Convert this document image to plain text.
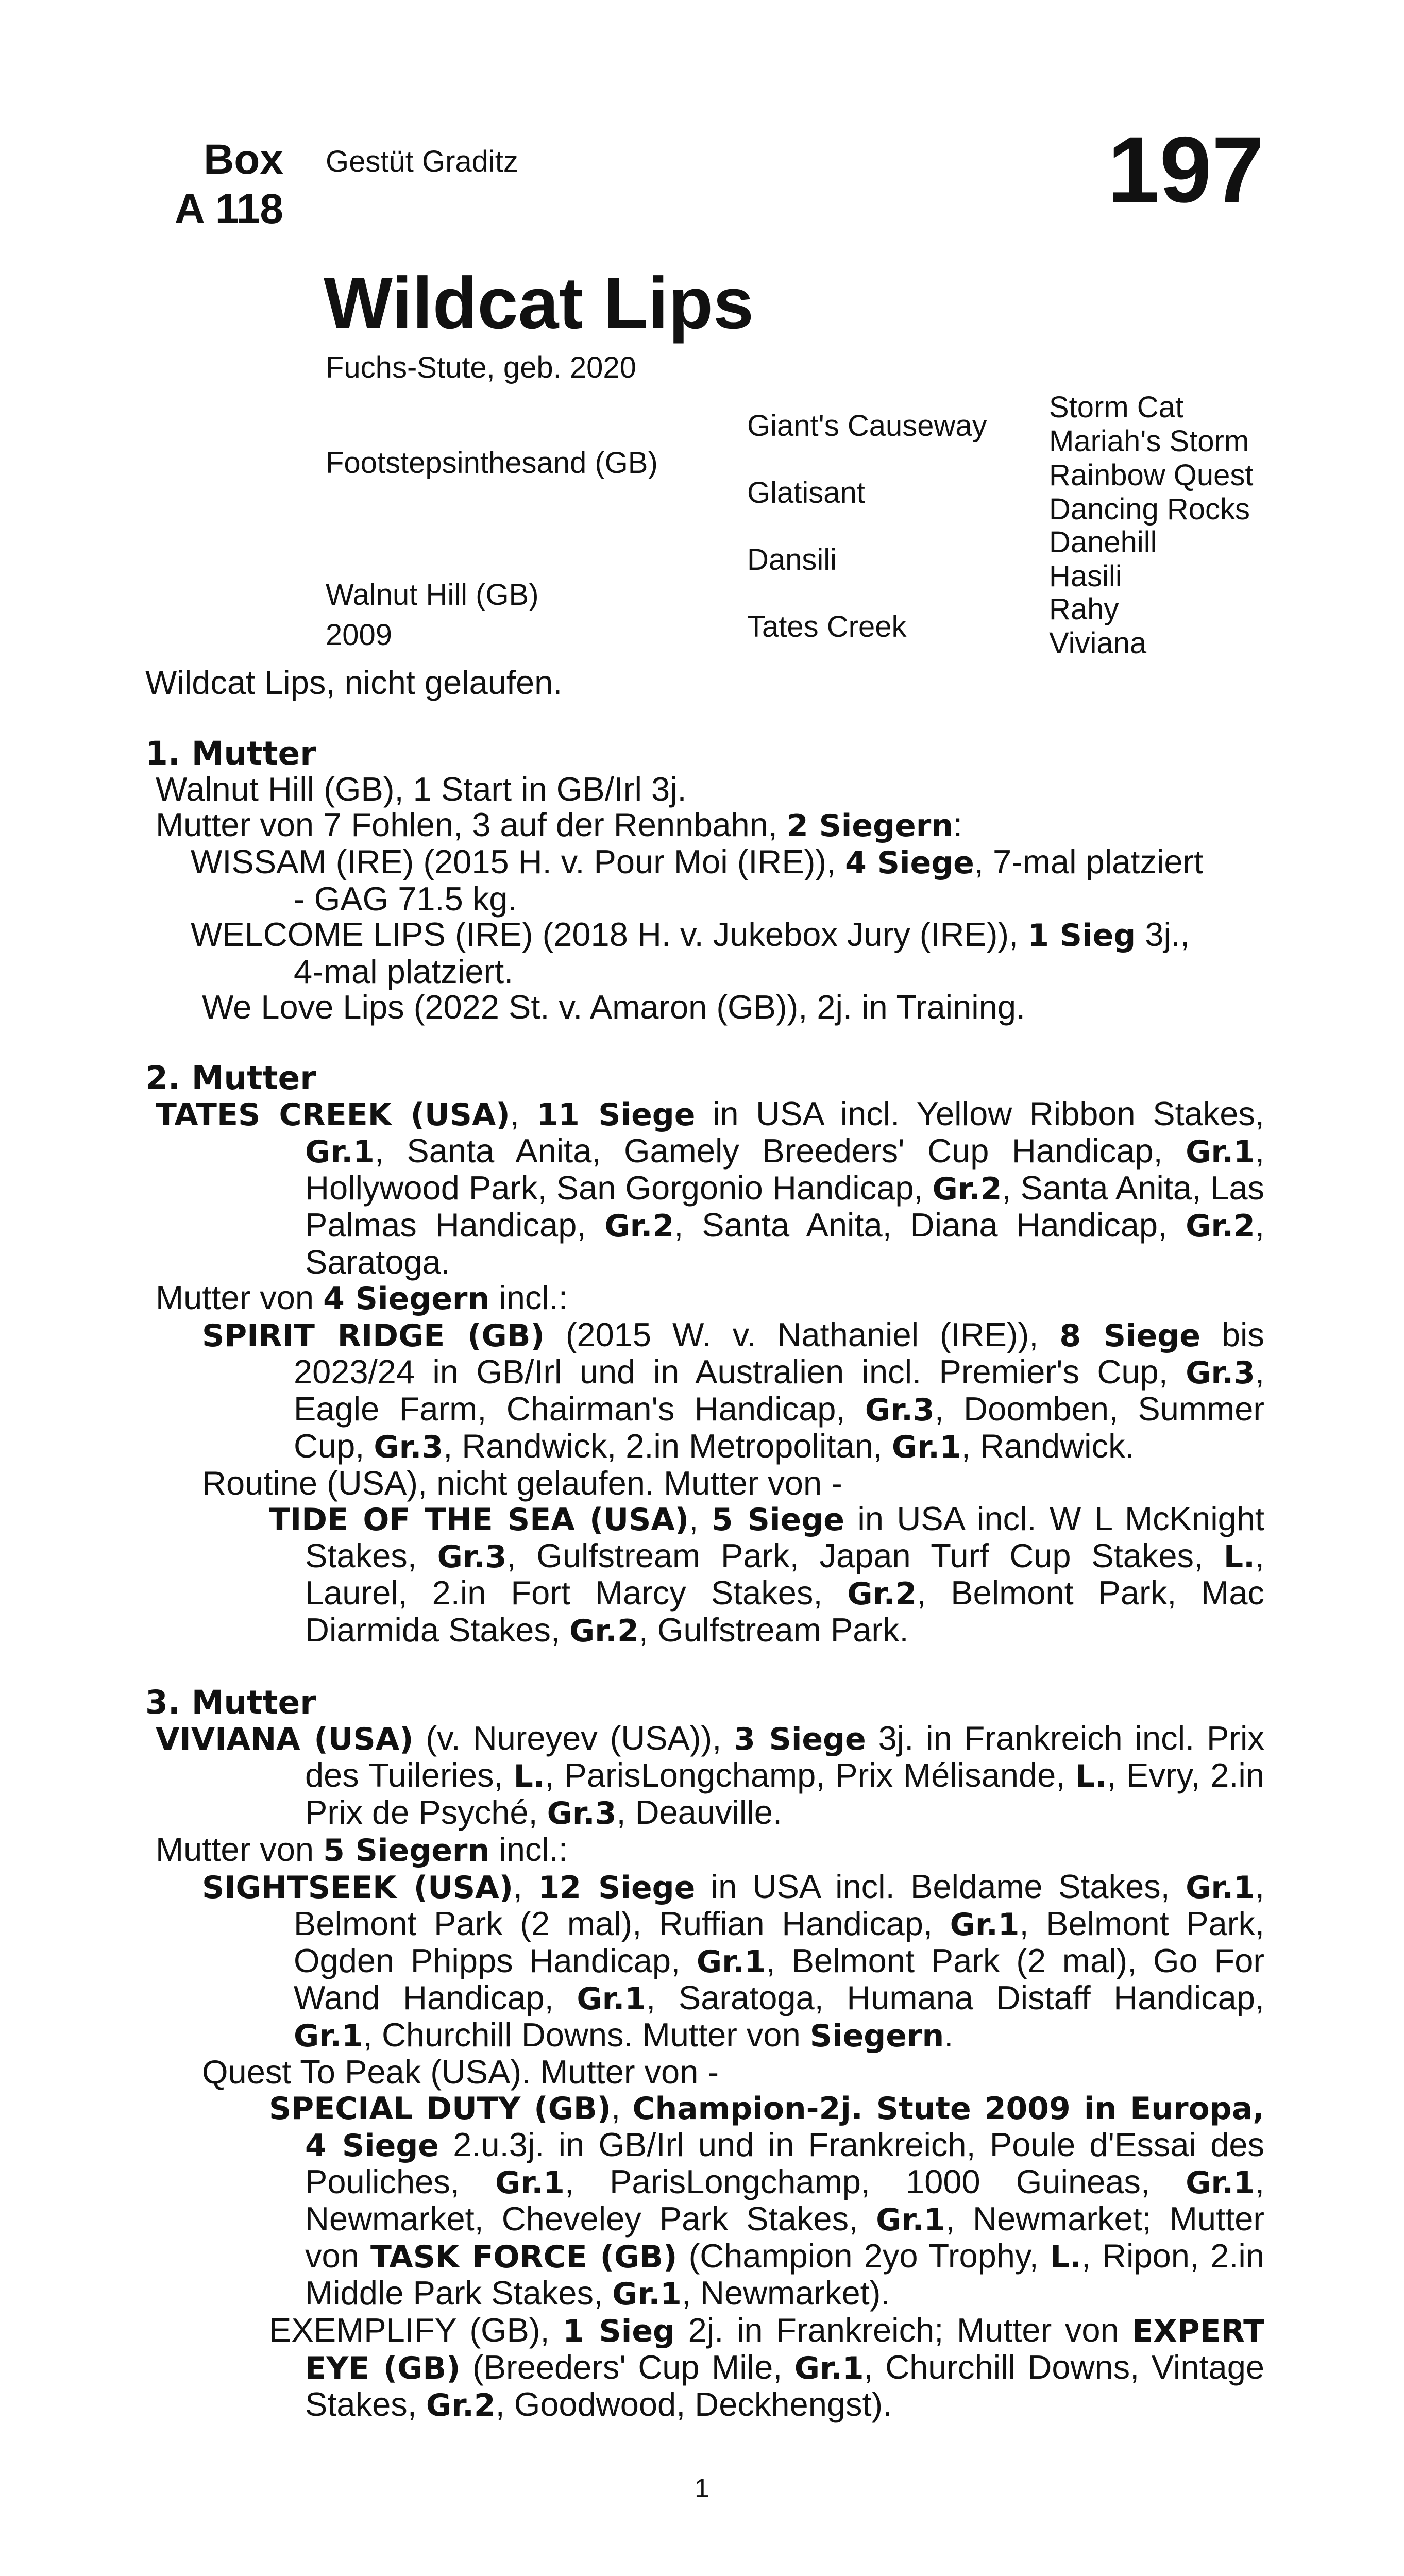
Box
A 118
Gestüt Graditz	197
Wildcat Lips
Fuchs-Stute, geb. 2020
Footstepsinthesand (GB)
Walnut Hill (GB)
2009
Giant's Causeway
Glatisant
Dansili
Tates Creek
Storm Cat
Mariah's Storm
Rainbow Quest
Dancing Rocks
Danehill
Hasili
Rahy
Viviana

Wildcat Lips, nicht gelaufen.

1. Mutter

Walnut Hill (GB), 1 Start in GB/Irl 3j.

Mutter von 7 Fohlen, 3 auf der Rennbahn, 2 Siegern:

WISSAM (IRE) (2015 H. v. Pour Moi (IRE)), 4 Siege, 7-mal platziert
- GAG 71.5 kg.

WELCOME LIPS (IRE) (2018 H. v. Jukebox Jury (IRE)), 1 Sieg 3j.,
4-mal platziert.

We Love Lips (2022 St. v. Amaron (GB)), 2j. in Training.

2. Mutter

TATES CREEK (USA), 11 Siege in USA incl. Yellow Ribbon Stakes, Gr.1, Santa Anita, Gamely Breeders' Cup Handicap, Gr.1, Hollywood Park, San Gorgonio Handicap, Gr.2, Santa Anita, Las Palmas Handicap, Gr.2, Santa Anita, Diana Handicap, Gr.2, Saratoga.

Mutter von 4 Siegern incl.:

SPIRIT RIDGE (GB) (2015 W. v. Nathaniel (IRE)), 8 Siege bis 2023/24 in GB/Irl und in Australien incl. Premier's Cup, Gr.3, Eagle Farm, Chairman's Handicap, Gr.3, Doomben, Summer Cup, Gr.3, Randwick, 2.in Metropolitan, Gr.1, Randwick.

Routine (USA), nicht gelaufen. Mutter von -

TIDE OF THE SEA (USA), 5 Siege in USA incl. W L McKnight Stakes, Gr.3, Gulfstream Park, Japan Turf Cup Stakes, L., Laurel, 2.in Fort Marcy Stakes, Gr.2, Belmont Park, Mac Diarmida Stakes, Gr.2, Gulfstream Park.

3. Mutter

VIVIANA (USA) (v. Nureyev (USA)), 3 Siege 3j. in Frankreich incl. Prix des Tuileries, L., ParisLongchamp, Prix Mélisande, L., Evry, 2.in Prix de Psyché, Gr.3, Deauville.

Mutter von 5 Siegern incl.:

SIGHTSEEK (USA), 12 Siege in USA incl. Beldame Stakes, Gr.1, Belmont Park (2 mal), Ruffian Handicap, Gr.1, Belmont Park, Ogden Phipps Handicap, Gr.1, Belmont Park (2 mal), Go For Wand Handicap, Gr.1, Saratoga, Humana Distaff Handicap, Gr.1, Churchill Downs. Mutter von Siegern.

Quest To Peak (USA). Mutter von -

SPECIAL DUTY (GB), Champion-2j. Stute 2009 in Europa, 4 Siege 2.u.3j. in GB/Irl und in Frankreich, Poule d'Essai des Pouliches, Gr.1, ParisLongchamp, 1000 Guineas, Gr.1, Newmarket, Cheveley Park Stakes, Gr.1, Newmarket; Mutter von TASK FORCE (GB) (Champion 2yo Trophy, L., Ripon, 2.in Middle Park Stakes, Gr.1, Newmarket).

EXEMPLIFY (GB), 1 Sieg 2j. in Frankreich; Mutter von EXPERT EYE (GB) (Breeders' Cup Mile, Gr.1, Churchill Downs, Vintage Stakes, Gr.2, Goodwood, Deckhengst).

1
